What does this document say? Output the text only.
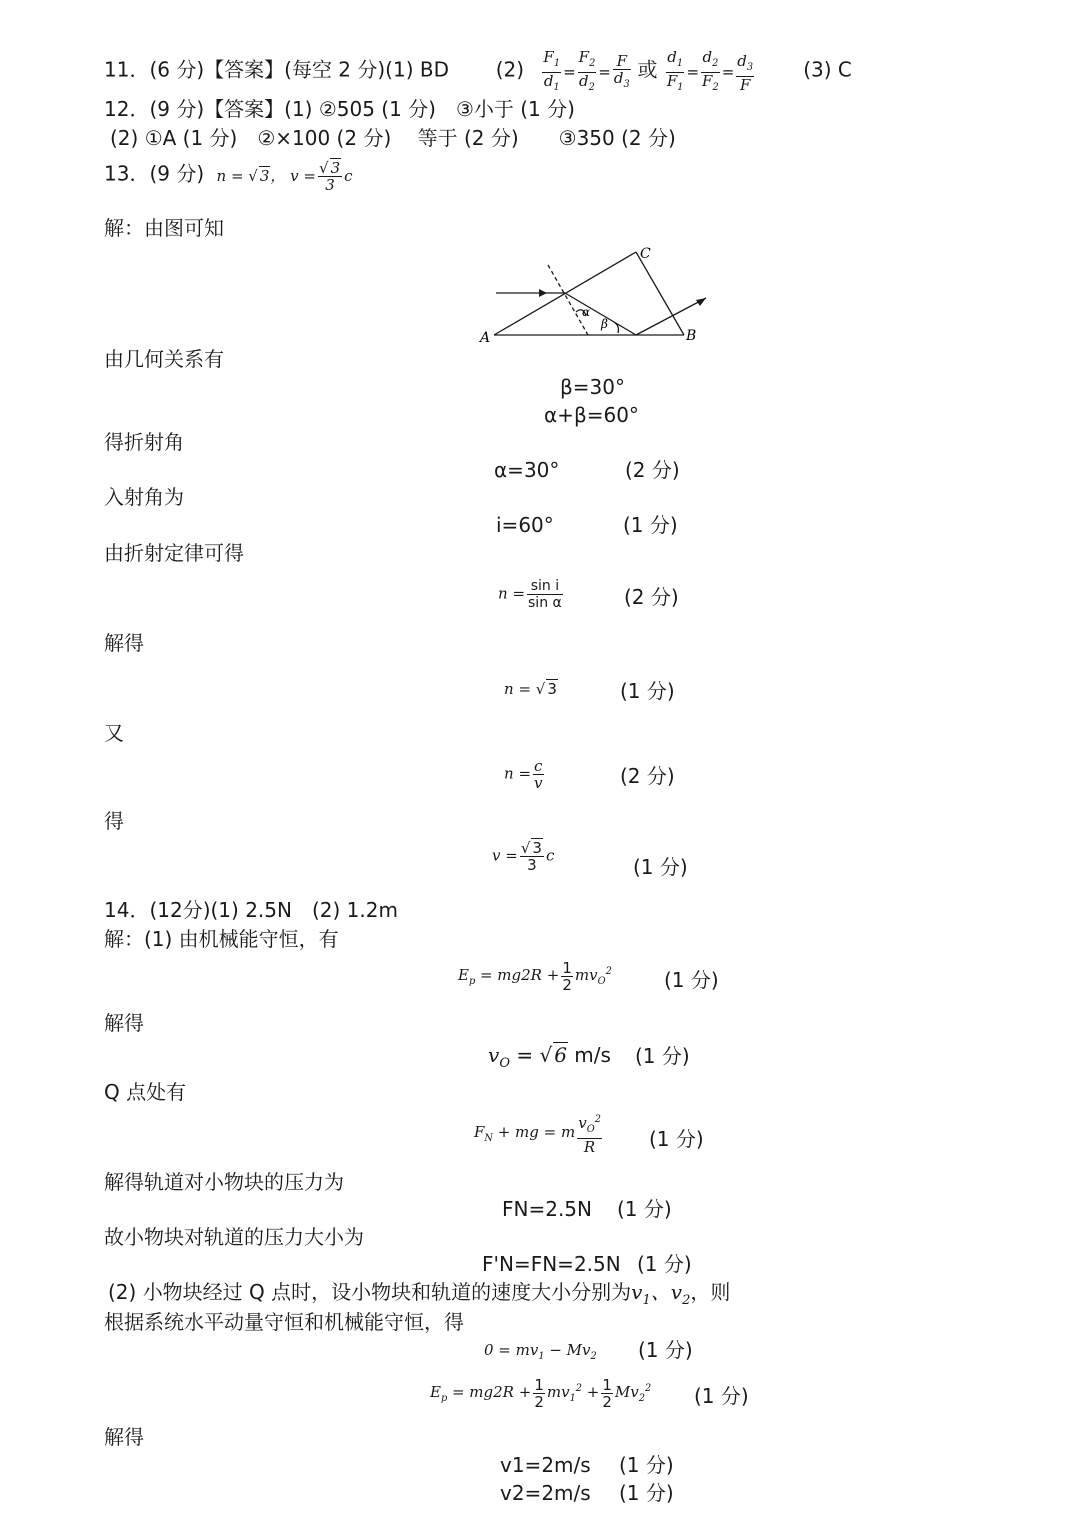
11．(6 分)【答案】(每空 2 分)(1) BD $(2) \frac{F_1}{d_1} = \frac{F_2}{d_2} = \frac{F}{d_3}$ 或 $\frac{d_1}{F_1} = \frac{d_2}{F_2} = \frac{d_3}{F} (3)$ C
12．(9 分)【答案】(1) ②505 (1 分)　③小于 (1 分)
(2) ①A (1 分)　②×100 (2 分)　 等于 (2 分)　　③350 (2 分)
13．(9 分) n = √ 3， $v = \frac{√ 3}{3}$ c
解：由图可知
A	B
C
α
β
由几何关系有
β=30°
α+β=60°
得折射角
α=30°	(2 分)
入射角为
i=60°	(1 分)
由折射定律可得
$n = \frac{\text{sin i}}{\text{sin α}}$	(2 分)
解得
n = √ 3	(1 分)
又
$n = \frac{c}{v}$	(2 分)
得
$v = \frac{√ 3}{3}$ c	(1 分)
14．(12分)(1) 2.5N　(2) 1.2m
解：(1) 由机械能守恒，有
$E_p = mg2R + \frac{1}{2} mv_O^2$	(1 分)
解得
$v_O$ = √ 6 m/s (1 分)
Q 点处有
$F_N$ + mg = m $\frac{v_O^2}{R} (1$ 分)
解得轨道对小物块的压力为
FN=2.5N (1 分)
故小物块对轨道的压力大小为
F'N=FN=2.5N (1 分)
(2) 小物块经过 Q 点时，设小物块和轨道的速度大小分别为$v_1$、$v_2$，则
根据系统水平动量守恒和机械能守恒，得
$0 = mv_1 - Mv_2$ (1 分)
$E_p = mg2R + \frac{1}{2} mv_1^2 + \frac{1}{2} Mv_2^2$ (1 分)
解得
v1=2m/s (1 分)
v2=2m/s (1 分)
